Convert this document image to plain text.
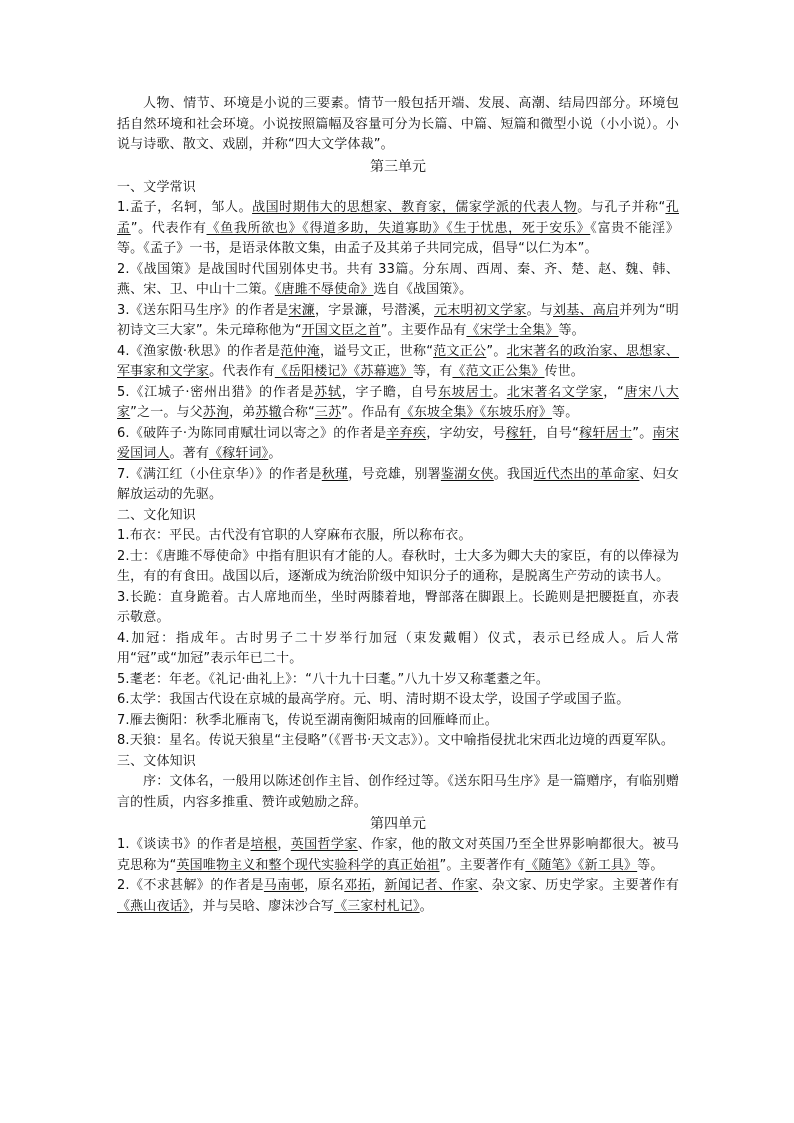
人物、情节、环境是小说的三要素。情节一般包括开端、发展、高潮、结局四部分。环境包括自然环境和社会环境。小说按照篇幅及容量可分为长篇、中篇、短篇和微型小说（小小说）。小说与诗歌、散文、戏剧，并称“四大文学体裁”。

第三单元

一、文学常识

1.孟子，名轲，邹人。战国时期伟大的思想家、教育家，儒家学派的代表人物。与孔子并称“孔孟”。代表作有《鱼我所欲也》《得道多助，失道寡助》《生于忧患，死于安乐》《富贵不能淫》等。《孟子》一书，是语录体散文集，由孟子及其弟子共同完成，倡导“以仁为本”。

2.《战国策》是战国时代国别体史书。共有 33篇。分东周、西周、秦、齐、楚、赵、魏、韩、燕、宋、卫、中山十二策。《唐雎不辱使命》选自《战国策》。

3.《送东阳马生序》的作者是宋濂，字景濂，号潜溪，元末明初文学家。与刘基、高启并列为“明初诗文三大家”。朱元璋称他为“开国文臣之首”。主要作品有《宋学士全集》等。

4.《渔家傲·秋思》的作者是范仲淹，谥号文正，世称“范文正公”。北宋著名的政治家、思想家、军事家和文学家。代表作有《岳阳楼记》《苏幕遮》等，有《范文正公集》传世。

5.《江城子·密州出猎》的作者是苏轼，字子瞻，自号东坡居士。北宋著名文学家，“唐宋八大家”之一。与父苏洵，弟苏辙合称“三苏”。作品有《东坡全集》《东坡乐府》等。

6.《破阵子·为陈同甫赋壮词以寄之》的作者是辛弃疾，字幼安，号稼轩，自号“稼轩居士”。南宋爱国词人。著有《稼轩词》。

7.《满江红（小住京华）》的作者是秋瑾，号竞雄，别署鉴湖女侠。我国近代杰出的革命家、妇女解放运动的先驱。

二、文化知识

1.布衣：平民。古代没有官职的人穿麻布衣服，所以称布衣。

2.士：《唐雎不辱使命》中指有胆识有才能的人。春秋时，士大多为卿大夫的家臣，有的以俸禄为生，有的有食田。战国以后，逐渐成为统治阶级中知识分子的通称，是脱离生产劳动的读书人。

3.长跪：直身跪着。古人席地而坐，坐时两膝着地，臀部落在脚跟上。长跪则是把腰挺直，亦表示敬意。

4.加冠：指成年。古时男子二十岁举行加冠（束发戴帽）仪式，表示已经成人。后人常用“冠”或“加冠”表示年已二十。

5.耄老：年老。《礼记·曲礼上》：“八十九十曰耄。”八九十岁又称耄耋之年。

6.太学：我国古代设在京城的最高学府。元、明、清时期不设太学，设国子学或国子监。

7.雁去衡阳：秋季北雁南飞，传说至湖南衡阳城南的回雁峰而止。

8.天狼：星名。传说天狼星“主侵略”（《晋书·天文志》）。文中喻指侵扰北宋西北边境的西夏军队。

三、文体知识

序：文体名，一般用以陈述创作主旨、创作经过等。《送东阳马生序》是一篇赠序，有临别赠言的性质，内容多推重、赞许或勉励之辞。

第四单元

1.《谈读书》的作者是培根，英国哲学家、作家，他的散文对英国乃至全世界影响都很大。被马克思称为“英国唯物主义和整个现代实验科学的真正始祖”。主要著作有《随笔》《新工具》等。

2.《不求甚解》的作者是马南邨，原名邓拓，新闻记者、作家、杂文家、历史学家。主要著作有《燕山夜话》，并与吴晗、廖沫沙合写《三家村札记》。
